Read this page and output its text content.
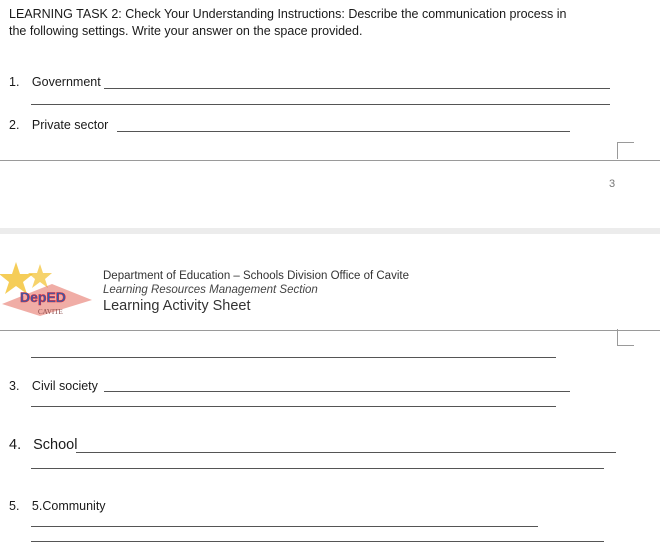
LEARNING TASK 2: Check Your Understanding Instructions: Describe the communication process in
the following settings. Write your answer on the space provided.
1. Government
2. Private sector
3
DepED
CAVITE
Department of Education – Schools Division Office of Cavite
Learning Resources Management Section
Learning Activity Sheet
3. Civil society
4. School
5. 5.Community
